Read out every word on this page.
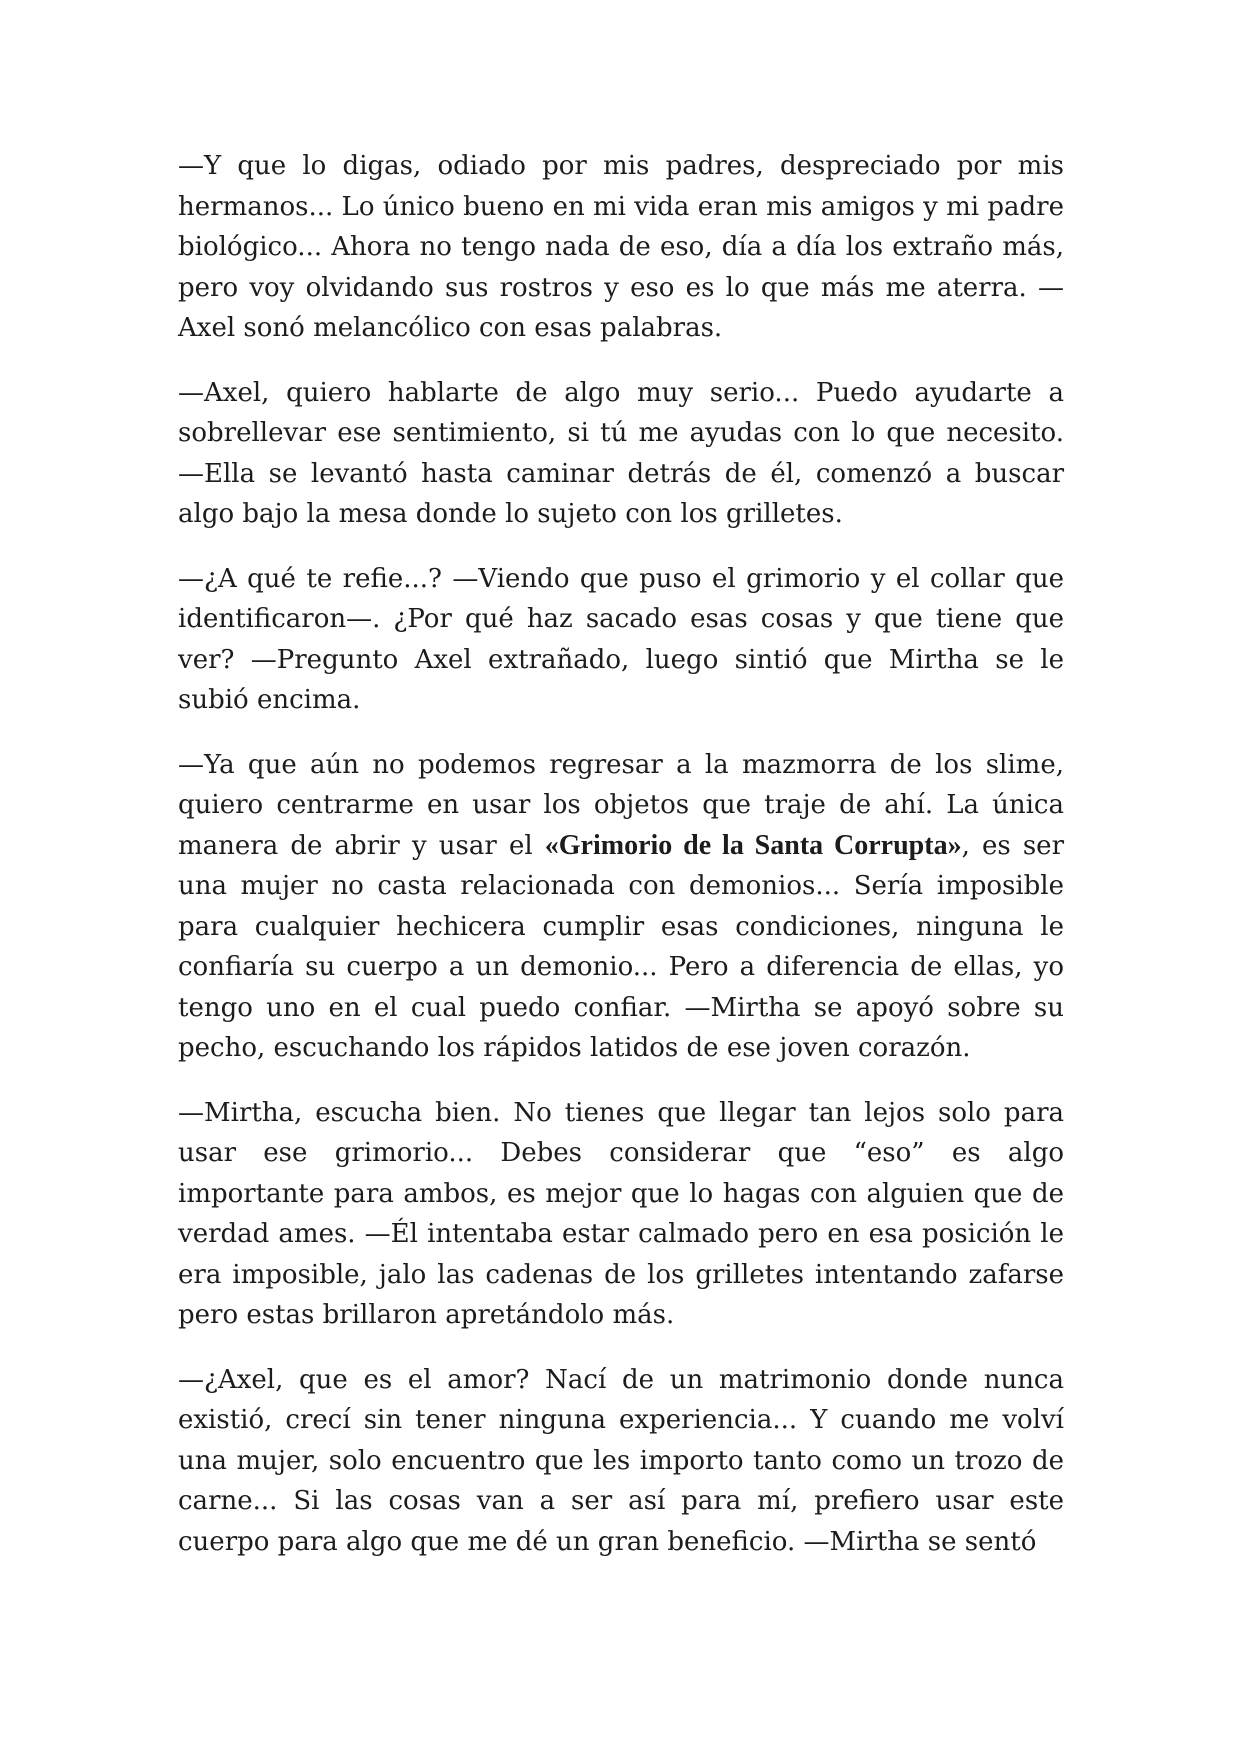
—Y que lo digas, odiado por mis padres, despreciado por mis hermanos... Lo único bueno en mi vida eran mis amigos y mi padre biológico... Ahora no tengo nada de eso, día a día los extraño más, pero voy olvidando sus rostros y eso es lo que más me aterra. —Axel sonó melancólico con esas palabras.

—Axel, quiero hablarte de algo muy serio... Puedo ayudarte a sobrellevar ese sentimiento, si tú me ayudas con lo que necesito. —Ella se levantó hasta caminar detrás de él, comenzó a buscar algo bajo la mesa donde lo sujeto con los grilletes.

—¿A qué te refie...? —Viendo que puso el grimorio y el collar que identificaron—. ¿Por qué haz sacado esas cosas y que tiene que ver? —Pregunto Axel extrañado, luego sintió que Mirtha se le subió encima.

—Ya que aún no podemos regresar a la mazmorra de los slime, quiero centrarme en usar los objetos que traje de ahí. La única manera de abrir y usar el «Grimorio de la Santa Corrupta», es ser una mujer no casta relacionada con demonios... Sería imposible para cualquier hechicera cumplir esas condiciones, ninguna le confiaría su cuerpo a un demonio... Pero a diferencia de ellas, yo tengo uno en el cual puedo confiar. —Mirtha se apoyó sobre su pecho, escuchando los rápidos latidos de ese joven corazón.

—Mirtha, escucha bien. No tienes que llegar tan lejos solo para usar ese grimorio... Debes considerar que “eso” es algo importante para ambos, es mejor que lo hagas con alguien que de verdad ames. —Él intentaba estar calmado pero en esa posición le era imposible, jalo las cadenas de los grilletes intentando zafarse pero estas brillaron apretándolo más.

—¿Axel, que es el amor? Nací de un matrimonio donde nunca existió, crecí sin tener ninguna experiencia... Y cuando me volví una mujer, solo encuentro que les importo tanto como un trozo de carne... Si las cosas van a ser así para mí, prefiero usar este cuerpo para algo que me dé un gran beneficio. —Mirtha se sentó
